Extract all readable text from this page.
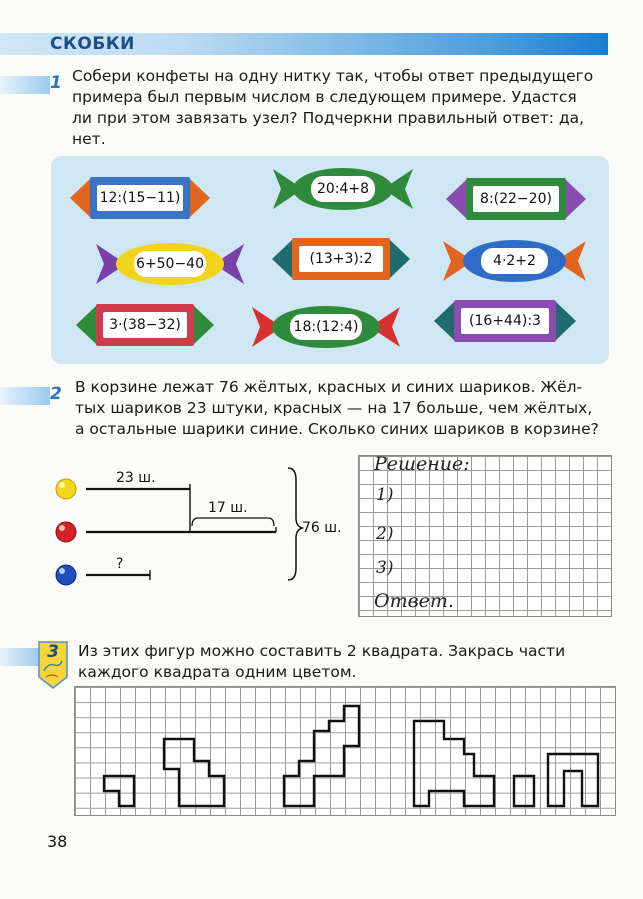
СКОБКИ
1 Собери конфеты на одну нитку так, чтобы ответ предыдущего
примера был первым числом в следующем примере. Удастся
ли при этом завязать узел? Подчеркни правильный ответ: да,
нет.
12:(15−11)
20:4+8
8:(22−20)
6+50−40	(13+3):2	4·2+2
3·(38−32)	18:(12:4)	(16+44):3
2 В корзине лежат 76 жёлтых, красных и синих шариков. Жёл-
тых шариков 23 штуки, красных — на 17 больше, чем жёлтых,
а остальные шарики синие. Сколько синих шариков в корзине?
23 ш.
17 ш.
76 ш.
?
Решение:
1)
2)
3)
Ответ.
3	Из этих фигур можно составить 2 квадрата. Закрась части
каждого квадрата одним цветом.
38
